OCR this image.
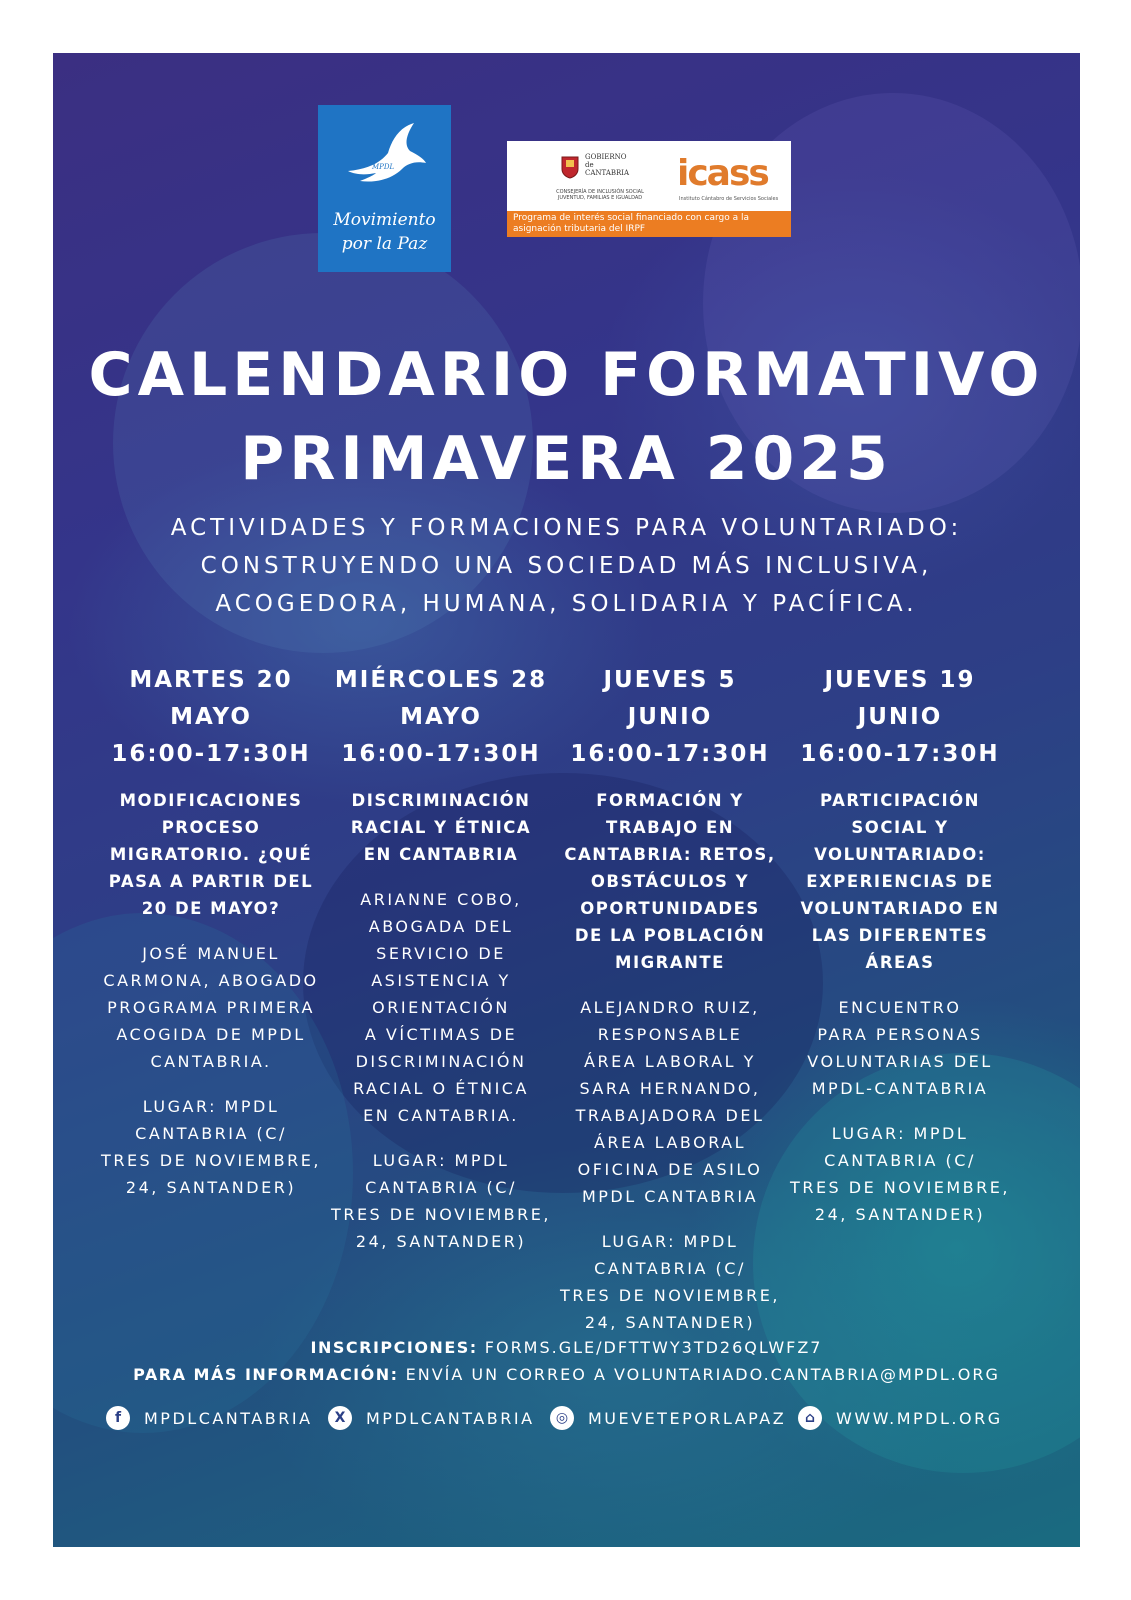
MPDL
Movimiento
por la Paz
GOBIERNO
de
CANTABRIA
CONSEJERÍA DE INCLUSIÓN SOCIAL JUVENTUD, FAMILIAS E IGUALDAD
icass
Instituto Cántabro de Servicios Sociales
Programa de interés social financiado con cargo a la asignación tributaria del IRPF
CALENDARIO FORMATIVO
PRIMAVERA 2025
ACTIVIDADES Y FORMACIONES PARA VOLUNTARIADO:
CONSTRUYENDO UNA SOCIEDAD MÁS INCLUSIVA,
ACOGEDORA, HUMANA, SOLIDARIA Y PACÍFICA.
MARTES 20
MAYO
16:00-17:30H
MODIFICACIONES
PROCESO
MIGRATORIO. ¿QUÉ
PASA A PARTIR DEL
20 DE MAYO?
JOSÉ MANUEL
CARMONA, ABOGADO
PROGRAMA PRIMERA
ACOGIDA DE MPDL
CANTABRIA.
LUGAR: MPDL
CANTABRIA (C/
TRES DE NOVIEMBRE,
24, SANTANDER)
MIÉRCOLES 28
MAYO
16:00-17:30H
DISCRIMINACIÓN
RACIAL Y ÉTNICA
EN CANTABRIA
ARIANNE COBO,
ABOGADA DEL
SERVICIO DE
ASISTENCIA Y
ORIENTACIÓN
A VÍCTIMAS DE
DISCRIMINACIÓN
RACIAL O ÉTNICA
EN CANTABRIA.
LUGAR: MPDL
CANTABRIA (C/
TRES DE NOVIEMBRE,
24, SANTANDER)
JUEVES 5
JUNIO
16:00-17:30H
FORMACIÓN Y
TRABAJO EN
CANTABRIA: RETOS,
OBSTÁCULOS Y
OPORTUNIDADES
DE LA POBLACIÓN
MIGRANTE
ALEJANDRO RUIZ,
RESPONSABLE
ÁREA LABORAL Y
SARA HERNANDO,
TRABAJADORA DEL
ÁREA LABORAL
OFICINA DE ASILO
MPDL CANTABRIA
LUGAR: MPDL
CANTABRIA (C/
TRES DE NOVIEMBRE,
24, SANTANDER)
JUEVES 19
JUNIO
16:00-17:30H
PARTICIPACIÓN
SOCIAL Y
VOLUNTARIADO:
EXPERIENCIAS DE
VOLUNTARIADO EN
LAS DIFERENTES
ÁREAS
ENCUENTRO
PARA PERSONAS
VOLUNTARIAS DEL
MPDL-CANTABRIA
LUGAR: MPDL
CANTABRIA (C/
TRES DE NOVIEMBRE,
24, SANTANDER)
INSCRIPCIONES: FORMS.GLE/DFTTWY3TD26QLWFZ7
PARA MÁS INFORMACIÓN: ENVÍA UN CORREO A VOLUNTARIADO.CANTABRIA@MPDL.ORG
f	MPDLCANTABRIA	X	MPDLCANTABRIA	◎	MUEVETEPORLAPAZ	⌂	WWW.MPDL.ORG
